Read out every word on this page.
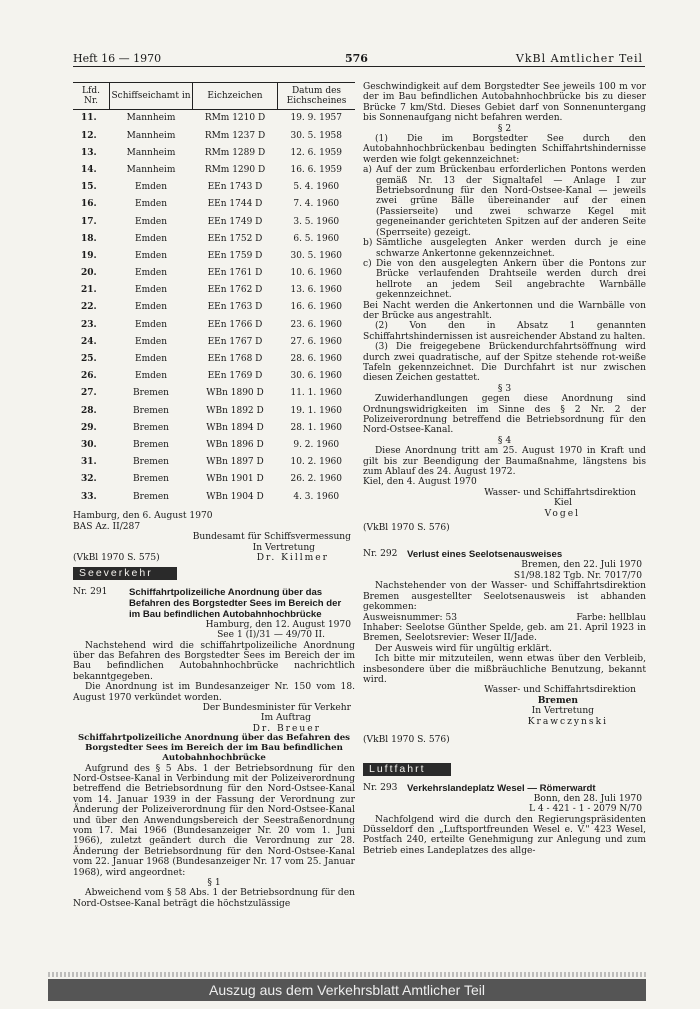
Heft 16 — 1970	576	VkBl Amtlicher Teil
Lfd. Nr.	Schiffseichamt in	Eichzeichen	Datum des Eichscheines
11.	Mannheim	RMm 1210 D	19. 9. 1957
12.	Mannheim	RMm 1237 D	30. 5. 1958
13.	Mannheim	RMm 1289 D	12. 6. 1959
14.	Mannheim	RMm 1290 D	16. 6. 1959
15.	Emden	EEn 1743 D	5. 4. 1960
16.	Emden	EEn 1744 D	7. 4. 1960
17.	Emden	EEn 1749 D	3. 5. 1960
18.	Emden	EEn 1752 D	6. 5. 1960
19.	Emden	EEn 1759 D	30. 5. 1960
20.	Emden	EEn 1761 D	10. 6. 1960
21.	Emden	EEn 1762 D	13. 6. 1960
22.	Emden	EEn 1763 D	16. 6. 1960
23.	Emden	EEn 1766 D	23. 6. 1960
24.	Emden	EEn 1767 D	27. 6. 1960
25.	Emden	EEn 1768 D	28. 6. 1960
26.	Emden	EEn 1769 D	30. 6. 1960
27.	Bremen	WBn 1890 D	11. 1. 1960
28.	Bremen	WBn 1892 D	19. 1. 1960
29.	Bremen	WBn 1894 D	28. 1. 1960
30.	Bremen	WBn 1896 D	9. 2. 1960
31.	Bremen	WBn 1897 D	10. 2. 1960
32.	Bremen	WBn 1901 D	26. 2. 1960
33.	Bremen	WBn 1904 D	4. 3. 1960

Hamburg, den 6. August 1970

BAS Az. II/287

Bundesamt für Schiffsvermessung

In Vertretung

(VkBl 1970 S. 575)	Dr. Killmer
Seeverkehr
Nr. 291	Schiffahrtpolizeiliche Anordnung über das Befahren des Borgstedter Sees im Bereich der im Bau befindlichen Autobahnhochbrücke

Hamburg, den 12. August 1970

See 1 (I)/31 — 49/70 II.

Nachstehend wird die schiffahrtpolizeiliche Anordnung über das Befahren des Borgstedter Sees im Bereich der im Bau befindlichen Autobahnhochbrücke nachrichtlich bekanntgegeben.

Die Anordnung ist im Bundesanzeiger Nr. 150 vom 18. August 1970 verkündet worden.

Der Bundesminister für Verkehr

Im Auftrag

Dr. Breuer

Schiffahrtpolizeiliche Anordnung über das Befahren des Borgstedter Sees im Bereich der im Bau befindlichen Autobahnhochbrücke

Aufgrund des § 5 Abs. 1 der Betriebsordnung für den Nord-Ostsee-Kanal in Verbindung mit der Polizeiverordnung betreffend die Betriebsordnung für den Nord-Ostsee-Kanal vom 14. Januar 1939 in der Fassung der Verordnung zur Änderung der Polizeiverordnung für den Nord-Ostsee-Kanal und über den Anwendungsbereich der Seestraßenordnung vom 17. Mai 1966 (Bundesanzeiger Nr. 20 vom 1. Juni 1966), zuletzt geändert durch die Verordnung zur 28. Änderung der Betriebsordnung für den Nord-Ostsee-Kanal vom 22. Januar 1968 (Bundesanzeiger Nr. 17 vom 25. Januar 1968), wird angeordnet:

§ 1

Abweichend vom § 58 Abs. 1 der Betriebsordnung für den Nord-Ostsee-Kanal beträgt die höchstzulässige

Geschwindigkeit auf dem Borgstedter See jeweils 100 m vor der im Bau befindlichen Autobahnhochbrücke bis zu dieser Brücke 7 km/Std. Dieses Gebiet darf von Sonnenuntergang bis Sonnenaufgang nicht befahren werden.

§ 2

(1) Die im Borgstedter See durch den Autobahnhochbrückenbau bedingten Schiffahrtshindernisse werden wie folgt gekennzeichnet:

a) Auf der zum Brückenbau erforderlichen Pontons werden gemäß Nr. 13 der Signaltafel — Anlage I zur Betriebsordnung für den Nord-Ostsee-Kanal — jeweils zwei grüne Bälle übereinander auf der einen (Passierseite) und zwei schwarze Kegel mit gegeneinander gerichteten Spitzen auf der anderen Seite (Sperrseite) gezeigt.

b) Sämtliche ausgelegten Anker werden durch je eine schwarze Ankertonne gekennzeichnet.

c) Die von den ausgelegten Ankern über die Pontons zur Brücke verlaufenden Drahtseile werden durch drei hellrote an jedem Seil angebrachte Warnbälle gekennzeichnet.

Bei Nacht werden die Ankertonnen und die Warnbälle von der Brücke aus angestrahlt.

(2) Von den in Absatz 1 genannten Schiffahrtshindernissen ist ausreichender Abstand zu halten.

(3) Die freigegebene Brückendurchfahrtsöffnung wird durch zwei quadratische, auf der Spitze stehende rot-weiße Tafeln gekennzeichnet. Die Durchfahrt ist nur zwischen diesen Zeichen gestattet.

§ 3

Zuwiderhandlungen gegen diese Anordnung sind Ordnungswidrigkeiten im Sinne des § 2 Nr. 2 der Polizeiverordnung betreffend die Betriebsordnung für den Nord-Ostsee-Kanal.

§ 4

Diese Anordnung tritt am 25. August 1970 in Kraft und gilt bis zur Beendigung der Baumaßnahme, längstens bis zum Ablauf des 24. August 1972.

Kiel, den 4. August 1970

Wasser- und Schiffahrtsdirektion

Kiel

Vogel

(VkBl 1970 S. 576)

Nr. 292 Verlust eines Seelotsenausweises

Bremen, den 22. Juli 1970

S1/98.182 Tgb. Nr. 7017/70

Nachstehender von der Wasser- und Schiffahrtsdirektion Bremen ausgestellter Seelotsenausweis ist abhanden gekommen:

Ausweisnummer: 53	Farbe: hellblau

Inhaber: Seelotse Günther Spelde, geb. am 21. April 1923 in Bremen, Seelotsrevier: Weser II/Jade.

Der Ausweis wird für ungültig erklärt.

Ich bitte mir mitzuteilen, wenn etwas über den Verbleib, insbesondere über die mißbräuchliche Benutzung, bekannt wird.

Wasser- und Schiffahrtsdirektion

Bremen

In Vertretung

Krawczynski

(VkBl 1970 S. 576)

Luftfahrt
Nr. 293 Verkehrslandeplatz Wesel — Römerwardt

Bonn, den 28. Juli 1970

L 4 - 421 - 1 - 2079 N/70

Nachfolgend wird die durch den Regierungspräsidenten Düsseldorf den „Luftsportfreunden Wesel e. V." 423 Wesel, Postfach 240, erteilte Genehmigung zur Anlegung und zum Betrieb eines Landeplatzes des allge-

Auszug aus dem Verkehrsblatt Amtlicher Teil
